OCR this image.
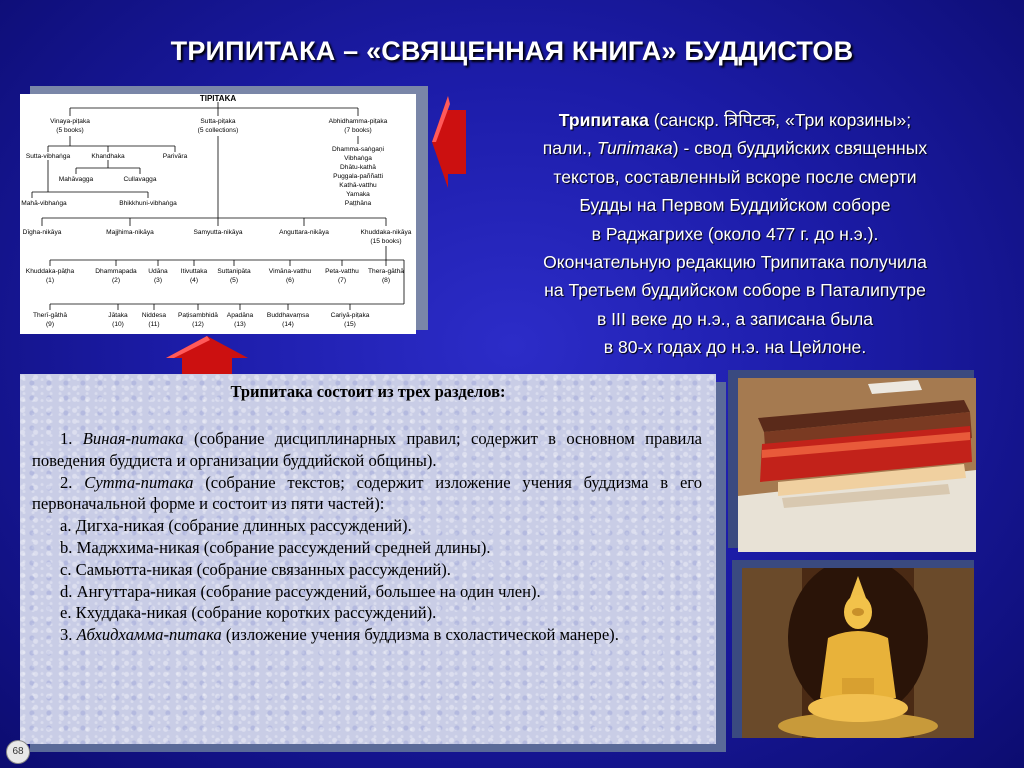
ТРИПИТАКА – «СВЯЩЕННАЯ КНИГА» БУДДИСТОВ
TIPITAKA
Vinaya-piṭaka
(5 books)
Sutta-piṭaka
(5 collections)
Abhidhamma-piṭaka
(7 books)
Sutta-vibhaṅga	Khandhaka	Parivāra
Mahāvagga	Cullavagga
Mahā-vibhaṅga	Bhikkhuni-vibhaṅga
Dhamma-saṅgaṇi
Vibhaṅga
Dhātu-kathā
Puggala-paññatti
Kathā-vatthu
Yamaka
Paṭṭhāna
Dīgha-nikāya	Majjhima-nikāya	Samyutta-nikāya	Anguttara-nikāya	Khuddaka-nikāya
(15 books)
Khuddaka-pāṭha
(1)
Dhammapada
(2)
Udāna
(3)
Itivuttaka
(4)
Suttanipāta
(5)
Vimāna-vatthu
(6)
Peta-vatthu
(7)
Thera-gāthā
(8)
Therī-gāthā
(9)
Jātaka
(10)
Niddesa
(11)
Paṭisambhidā
(12)
Apadāna
(13)
Buddhavaṃsa
(14)
Cariyā-piṭaka
(15)

Трипитака (санскр. त्रिपिटक, «Три корзины»;

пали., Типітака) - свод буддийских священных

текстов, составленный вскоре после смерти

Будды на Первом Буддийском соборе

в Раджагрихе (около 477 г. до н.э.).

Окончательную редакцию Трипитака получила

на Третьем буддийском соборе в Паталипутре

в III веке до н.э., а записана была

в 80-х годах до н.э. на Цейлоне.

Трипитака состоит из трех разделов:

1. Виная-питака (собрание дисциплинарных правил; содержит в основном правила поведения буддиста и организации буддийской общины).

2. Сутта-питака (собрание текстов; содержит изложение учения буддизма в его первоначальной форме и состоит из пяти частей):

a. Дигха-никая (собрание длинных рассуждений).

b. Маджхима-никая (собрание рассуждений средней длины).

c. Самьютта-никая (собрание связанных рассуждений).

d. Ангуттара-никая (собрание рассуждений, большее на один член).

e. Кхуддака-никая (собрание коротких рассуждений).

3. Абхидхамма-питака (изложение учения буддизма в схоластической манере).

68
